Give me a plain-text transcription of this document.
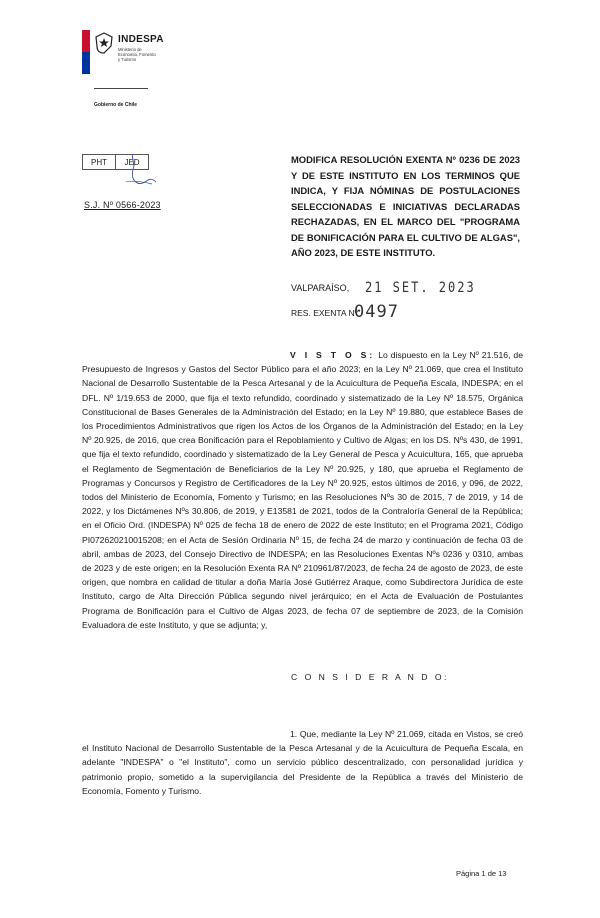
INDESPA
Ministerio de Economía, Fomento y Turismo
Gobierno de Chile
PHT	JED
S.J. Nº 0566-2023
MODIFICA RESOLUCIÓN EXENTA Nº 0236 DE 2023 Y DE ESTE INSTITUTO EN LOS TERMINOS QUE INDICA, Y FIJA NÓMINAS DE POSTULACIONES SELECCIONADAS E INICIATIVAS DECLARADAS RECHAZADAS, EN EL MARCO DEL "PROGRAMA DE BONIFICACIÓN PARA EL CULTIVO DE ALGAS", AÑO 2023, DE ESTE INSTITUTO.
VALPARAÍSO, 21 SET. 2023
RES. EXENTA Nº
0497
V I S T O S: Lo dispuesto en la Ley Nº 21.516, de Presupuesto de Ingresos y Gastos del Sector Público para el año 2023; en la Ley Nº 21.069, que crea el Instituto Nacional de Desarrollo Sustentable de la Pesca Artesanal y de la Acuicultura de Pequeña Escala, INDESPA; en el DFL. Nº 1/19.653 de 2000, que fija el texto refundido, coordinado y sistematizado de la Ley Nº 18.575, Orgánica Constitucional de Bases Generales de la Administración del Estado; en la Ley Nº 19.880, que establece Bases de los Procedimientos Administrativos que rigen los Actos de los Órganos de la Administración del Estado; en la Ley Nº 20.925, de 2016, que crea Bonificación para el Repoblamiento y Cultivo de Algas; en los DS. Nºs 430, de 1991, que fija el texto refundido, coordinado y sistematizado de la Ley General de Pesca y Acuicultura, 165, que aprueba el Reglamento de Segmentación de Beneficiarios de la Ley Nº 20.925, y 180, que aprueba el Reglamento de Programas y Concursos y Registro de Certificadores de la Ley Nº 20.925, estos últimos de 2016, y 096, de 2022, todos del Ministerio de Economía, Fomento y Turismo; en las Resoluciones Nºs 30 de 2015, 7 de 2019, y 14 de 2022, y los Dictámenes Nºs 30.806, de 2019, y E13581 de 2021, todos de la Contraloría General de la República; en el Oficio Ord. (INDESPA) Nº 025 de fecha 18 de enero de 2022 de este Instituto; en el Programa 2021, Código PI072620210015208; en el Acta de Sesión Ordinaria Nº 15, de fecha 24 de marzo y continuación de fecha 03 de abril, ambas de 2023, del Consejo Directivo de INDESPA; en las Resoluciones Exentas Nºs 0236 y 0310, ambas de 2023 y de este origen; en la Resolución Exenta RA Nº 210961/87/2023, de fecha 24 de agosto de 2023, de este origen, que nombra en calidad de titular a doña María José Gutiérrez Araque, como Subdirectora Jurídica de este Instituto, cargo de Alta Dirección Pública segundo nivel jerárquico; en el Acta de Evaluación de Postulantes Programa de Bonificación para el Cultivo de Algas 2023, de fecha 07 de septiembre de 2023, de la Comisión Evaluadora de este Instituto, y que se adjunta; y,
C O N S I D E R A N D O:
1. Que, mediante la Ley Nº 21.069, citada en Vistos, se creó el Instituto Nacional de Desarrollo Sustentable de la Pesca Artesanal y de la Acuicultura de Pequeña Escala, en adelante "INDESPA" o "el Instituto", como un servicio público descentralizado, con personalidad jurídica y patrimonio propio, sometido a la supervigilancia del Presidente de la República a través del Ministerio de Economía, Fomento y Turismo.
Página 1 de 13
